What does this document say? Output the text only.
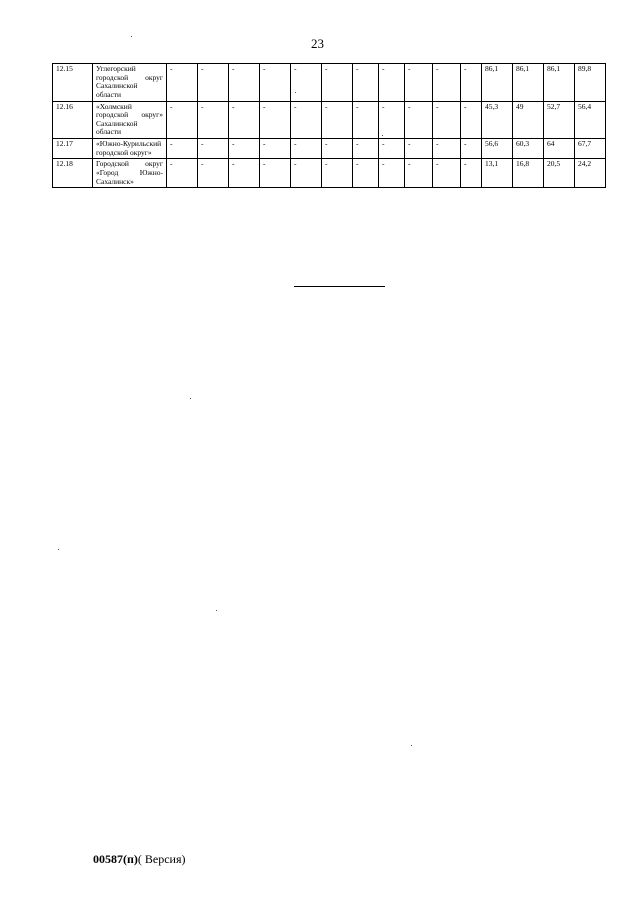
23
12.15	Углегорский городской округ Сахалинской области	-	-	-	-	-	-	-	-	-	-	-	86,1	86,1	86,1	89,8
12.16	«Холмский городской округ» Сахалинской области	-	-	-	-	-	-	-	-	-	-	-	45,3	49	52,7	56,4
12.17	«Южно-Курильский городской округ»	-	-	-	-	-	-	-	-	-	-	-	56,6	60,3	64	67,7
12.18	Городской округ «Город Южно-Сахалинск»	-	-	-	-	-	-	-	-	-	-	-	13,1	16,8	20,5	24,2
00587(п)( Версия)
